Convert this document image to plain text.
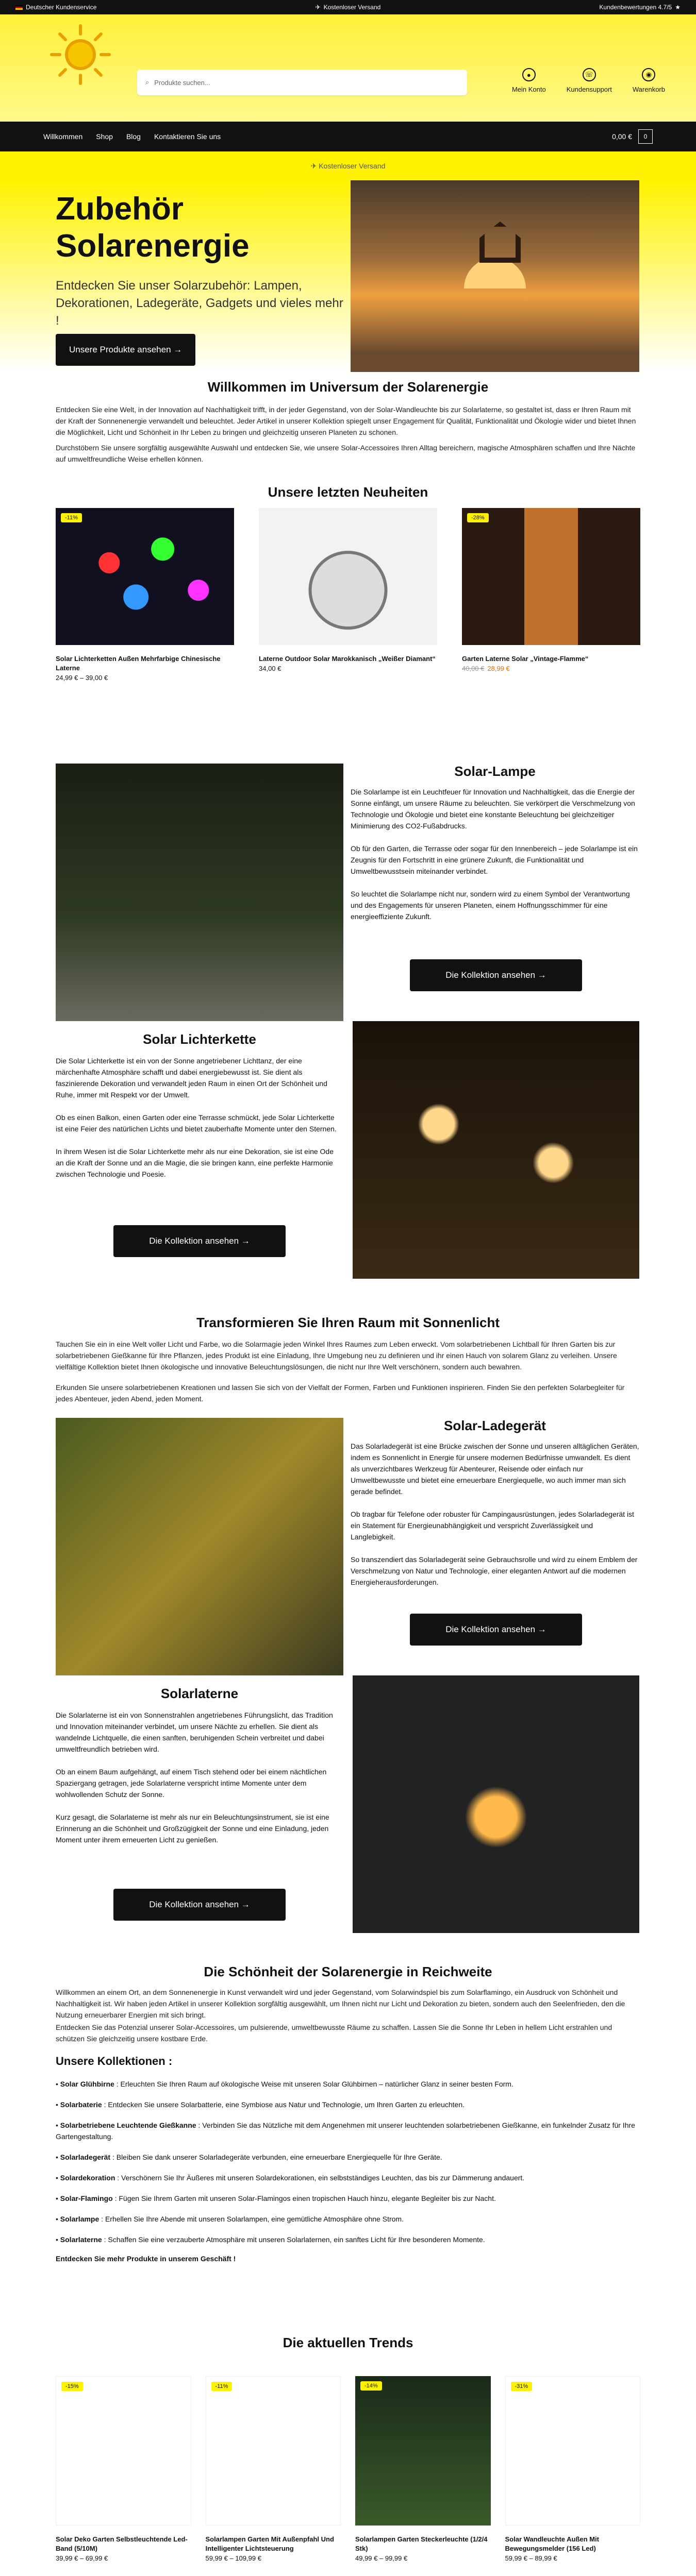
Deutscher Kundenservice	✈ Kostenloser Versand	Kundenbewertungen 4.7/5 ★
⌕ Produkte suchen...
●
Mein Konto
☏
Kundensupport
◉
Warenkorb
Willkommen Shop Blog Kontaktieren Sie uns	0,00 €	0
✈ Kostenloser Versand
Zubehör
Solarenergie

Entdecken Sie unser Solarzubehör: Lampen, Dekorationen, Ladegeräte, Gadgets und vieles mehr !

Unsere Produkte ansehen →
Willkommen im Universum der Solarenergie

Entdecken Sie eine Welt, in der Innovation auf Nachhaltigkeit trifft, in der jeder Gegenstand, von der Solar-Wandleuchte bis zur Solarlaterne, so gestaltet ist, dass er Ihren Raum mit der Kraft der Sonnenenergie verwandelt und beleuchtet. Jeder Artikel in unserer Kollektion spiegelt unser Engagement für Qualität, Funktionalität und Ökologie wider und bietet Ihnen die Möglichkeit, Licht und Schönheit in Ihr Leben zu bringen und gleichzeitig unseren Planeten zu schonen.

Durchstöbern Sie unsere sorgfältig ausgewählte Auswahl und entdecken Sie, wie unsere Solar-Accessoires Ihren Alltag bereichern, magische Atmosphären schaffen und Ihre Nächte auf umweltfreundliche Weise erhellen können.

Unsere letzten Neuheiten
-11%
Solar Lichterketten Außen Mehrfarbige Chinesische Laterne
24,99 € – 39,00 €
Laterne Outdoor Solar Marokkanisch „Weißer Diamant“
34,00 €
-28%
Garten Laterne Solar „Vintage-Flamme“
40,00 € 28,99 €
Solar-Lampe

Die Solarlampe ist ein Leuchtfeuer für Innovation und Nachhaltigkeit, das die Energie der Sonne einfängt, um unsere Räume zu beleuchten. Sie verkörpert die Verschmelzung von Technologie und Ökologie und bietet eine konstante Beleuchtung bei gleichzeitiger Minimierung des CO2-Fußabdrucks.

Ob für den Garten, die Terrasse oder sogar für den Innenbereich – jede Solarlampe ist ein Zeugnis für den Fortschritt in eine grünere Zukunft, die Funktionalität und Umweltbewusstsein miteinander verbindet.

So leuchtet die Solarlampe nicht nur, sondern wird zu einem Symbol der Verantwortung und des Engagements für unseren Planeten, einem Hoffnungsschimmer für eine energieeffiziente Zukunft.

Die Kollektion ansehen →
Solar Lichterkette

Die Solar Lichterkette ist ein von der Sonne angetriebener Lichttanz, der eine märchenhafte Atmosphäre schafft und dabei energiebewusst ist. Sie dient als faszinierende Dekoration und verwandelt jeden Raum in einen Ort der Schönheit und Ruhe, immer mit Respekt vor der Umwelt.

Ob es einen Balkon, einen Garten oder eine Terrasse schmückt, jede Solar Lichterkette ist eine Feier des natürlichen Lichts und bietet zauberhafte Momente unter den Sternen.

In ihrem Wesen ist die Solar Lichterkette mehr als nur eine Dekoration, sie ist eine Ode an die Kraft der Sonne und an die Magie, die sie bringen kann, eine perfekte Harmonie zwischen Technologie und Poesie.

Die Kollektion ansehen →
Transformieren Sie Ihren Raum mit Sonnenlicht

Tauchen Sie ein in eine Welt voller Licht und Farbe, wo die Solarmagie jeden Winkel Ihres Raumes zum Leben erweckt. Vom solarbetriebenen Lichtball für Ihren Garten bis zur solarbetriebenen Gießkanne für Ihre Pflanzen, jedes Produkt ist eine Einladung, Ihre Umgebung neu zu definieren und ihr einen Hauch von solarem Glanz zu verleihen. Unsere vielfältige Kollektion bietet Ihnen ökologische und innovative Beleuchtungslösungen, die nicht nur Ihre Welt verschönern, sondern auch bewahren.

Erkunden Sie unsere solarbetriebenen Kreationen und lassen Sie sich von der Vielfalt der Formen, Farben und Funktionen inspirieren. Finden Sie den perfekten Solarbegleiter für jedes Abenteuer, jeden Abend, jeden Moment.

Solar-Ladegerät

Das Solarladegerät ist eine Brücke zwischen der Sonne und unseren alltäglichen Geräten, indem es Sonnenlicht in Energie für unsere modernen Bedürfnisse umwandelt. Es dient als unverzichtbares Werkzeug für Abenteurer, Reisende oder einfach nur Umweltbewusste und bietet eine erneuerbare Energiequelle, wo auch immer man sich gerade befindet.

Ob tragbar für Telefone oder robuster für Campingausrüstungen, jedes Solarladegerät ist ein Statement für Energieunabhängigkeit und verspricht Zuverlässigkeit und Langlebigkeit.

So transzendiert das Solarladegerät seine Gebrauchsrolle und wird zu einem Emblem der Verschmelzung von Natur und Technologie, einer eleganten Antwort auf die modernen Energieherausforderungen.

Die Kollektion ansehen →
Solarlaterne

Die Solarlaterne ist ein von Sonnenstrahlen angetriebenes Führungslicht, das Tradition und Innovation miteinander verbindet, um unsere Nächte zu erhellen. Sie dient als wandelnde Lichtquelle, die einen sanften, beruhigenden Schein verbreitet und dabei umweltfreundlich betrieben wird.

Ob an einem Baum aufgehängt, auf einem Tisch stehend oder bei einem nächtlichen Spaziergang getragen, jede Solarlaterne verspricht intime Momente unter dem wohlwollenden Schutz der Sonne.

Kurz gesagt, die Solarlaterne ist mehr als nur ein Beleuchtungsinstrument, sie ist eine Erinnerung an die Schönheit und Großzügigkeit der Sonne und eine Einladung, jeden Moment unter ihrem erneuerten Licht zu genießen.

Die Kollektion ansehen →
Die Schönheit der Solarenergie in Reichweite

Willkommen an einem Ort, an dem Sonnenenergie in Kunst verwandelt wird und jeder Gegenstand, vom Solarwindspiel bis zum Solarflamingo, ein Ausdruck von Schönheit und Nachhaltigkeit ist. Wir haben jeden Artikel in unserer Kollektion sorgfältig ausgewählt, um Ihnen nicht nur Licht und Dekoration zu bieten, sondern auch den Seelenfrieden, den die Nutzung erneuerbarer Energien mit sich bringt.

Entdecken Sie das Potenzial unserer Solar-Accessoires, um pulsierende, umweltbewusste Räume zu schaffen. Lassen Sie die Sonne Ihr Leben in hellem Licht erstrahlen und schützen Sie gleichzeitig unsere kostbare Erde.

Unsere Kollektionen :
• Solar Glühbirne : Erleuchten Sie Ihren Raum auf ökologische Weise mit unseren Solar Glühbirnen – natürlicher Glanz in seiner besten Form.
• Solarbaterie : Entdecken Sie unsere Solarbatterie, eine Symbiose aus Natur und Technologie, um Ihren Garten zu erleuchten.
• Solarbetriebene Leuchtende Gießkanne : Verbinden Sie das Nützliche mit dem Angenehmen mit unserer leuchtenden solarbetriebenen Gießkanne, ein funkelnder Zusatz für Ihre Gartengestaltung.
• Solarladegerät : Bleiben Sie dank unserer Solarladegeräte verbunden, eine erneuerbare Energiequelle für Ihre Geräte.
• Solardekoration : Verschönern Sie Ihr Äußeres mit unseren Solardekorationen, ein selbstständiges Leuchten, das bis zur Dämmerung andauert.
• Solar-Flamingo : Fügen Sie Ihrem Garten mit unseren Solar-Flamingos einen tropischen Hauch hinzu, elegante Begleiter bis zur Nacht.
• Solarlampe : Erhellen Sie Ihre Abende mit unseren Solarlampen, eine gemütliche Atmosphäre ohne Strom.
• Solarlaterne : Schaffen Sie eine verzauberte Atmosphäre mit unseren Solarlaternen, ein sanftes Licht für Ihre besonderen Momente.
Entdecken Sie mehr Produkte in unserem Geschäft !
Die aktuellen Trends
-15%
Solar Deko Garten Selbstleuchtende Led-Band (5/10M)
39,99 € – 69,99 €
-11%
Solarlampen Garten Mit Außenpfahl Und Intelligenter Lichtsteuerung
59,99 € – 109,99 €
-14%
Solarlampen Garten Steckerleuchte (1/2/4 Stk)
49,99 € – 99,99 €
-31%
Solar Wandleuchte Außen Mit Bewegungsmelder (156 Led)
59,99 € – 89,99 €
